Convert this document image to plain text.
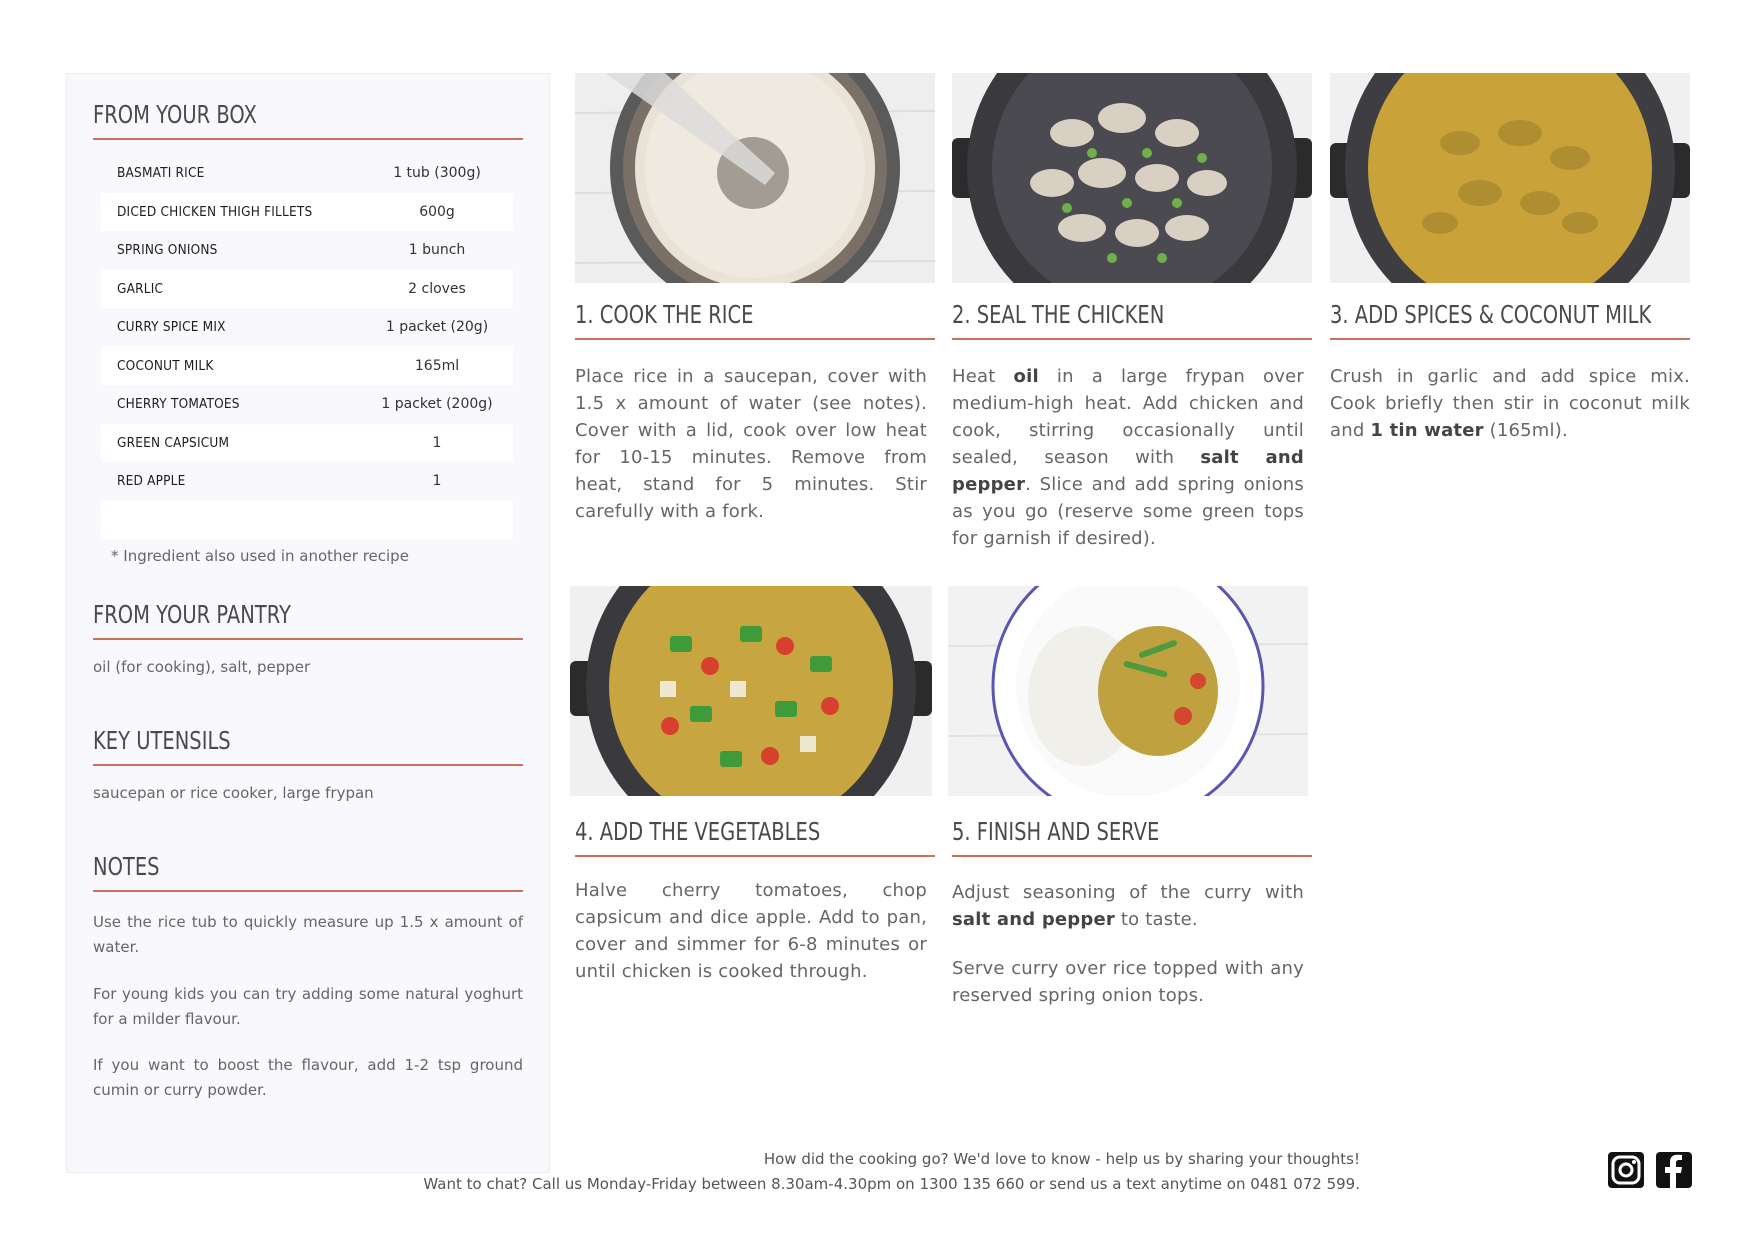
FROM YOUR BOX
BASMATI RICE	1 tub (300g)
DICED CHICKEN THIGH FILLETS	600g
SPRING ONIONS	1 bunch
GARLIC	2 cloves
CURRY SPICE MIX	1 packet (20g)
COCONUT MILK	165ml
CHERRY TOMATOES	1 packet (200g)
GREEN CAPSICUM	1
RED APPLE	1
* Ingredient also used in another recipe
FROM YOUR PANTRY
oil (for cooking), salt, pepper
KEY UTENSILS
saucepan or rice cooker, large frypan
NOTES
Use the rice tub to quickly measure up 1.5 x amount of water.
For young kids you can try adding some natural yoghurt for a milder flavour.
If you want to boost the flavour, add 1-2 tsp ground cumin or curry powder.
1. COOK THE RICE	2. SEAL THE CHICKEN	3. ADD SPICES & COCONUT MILK
4. ADD THE VEGETABLES	5. FINISH AND SERVE
Place rice in a saucepan, cover with 1.5 x amount of water (see notes). Cover with a lid, cook over low heat for 10-15 minutes. Remove from heat, stand for 5 minutes. Stir carefully with a fork.
Heat oil in a large frypan over medium-high heat. Add chicken and cook, stirring occasionally until sealed, season with salt and pepper. Slice and add spring onions as you go (reserve some green tops for garnish if desired).
Crush in garlic and add spice mix. Cook briefly then stir in coconut milk and 1 tin water (165ml).
Halve cherry tomatoes, chop capsicum and dice apple. Add to pan, cover and simmer for 6-8 minutes or until chicken is cooked through.
Adjust seasoning of the curry with salt and pepper to taste.
Serve curry over rice topped with any reserved spring onion tops.
How did the cooking go? We'd love to know - help us by sharing your thoughts!
Want to chat? Call us Monday-Friday between 8.30am-4.30pm on 1300 135 660 or send us a text anytime on 0481 072 599.
